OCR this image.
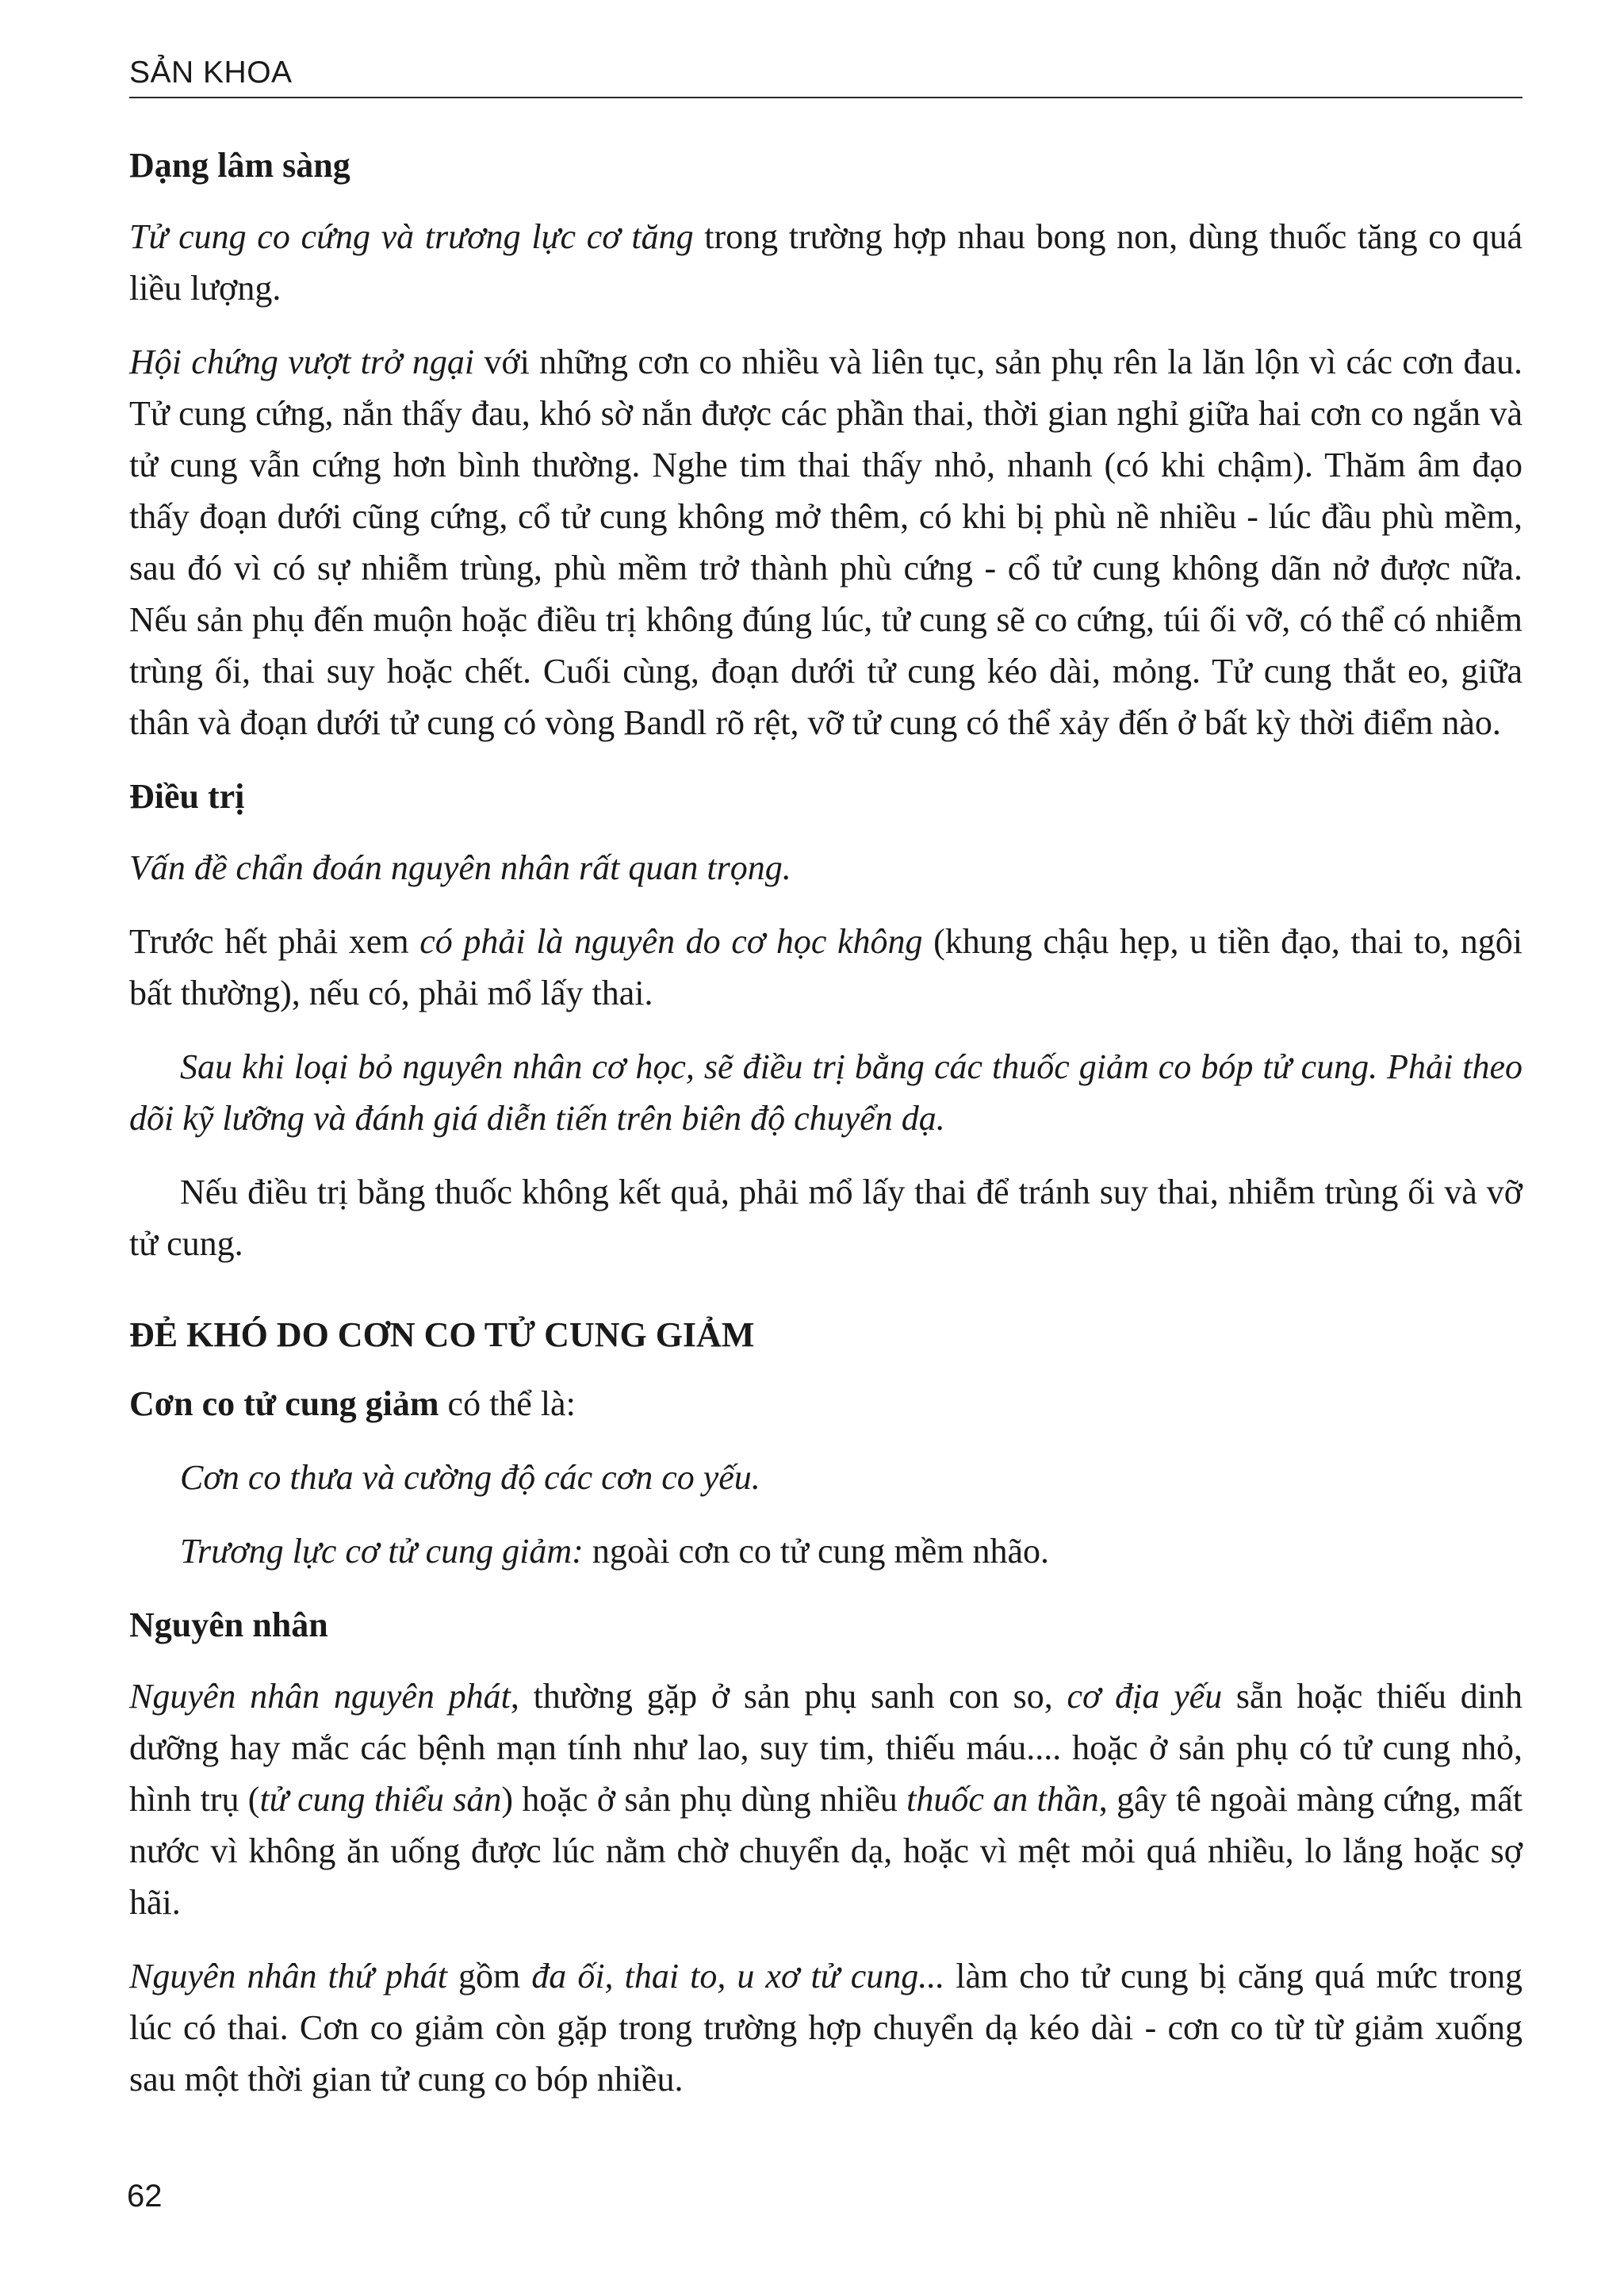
SẢN KHOA

Dạng lâm sàng

Tử cung co cứng và trương lực cơ tăng trong trường hợp nhau bong non, dùng thuốc tăng co quá liều lượng.

Hội chứng vượt trở ngại với những cơn co nhiều và liên tục, sản phụ rên la lăn lộn vì các cơn đau. Tử cung cứng, nắn thấy đau, khó sờ nắn được các phần thai, thời gian nghỉ giữa hai cơn co ngắn và tử cung vẫn cứng hơn bình thường. Nghe tim thai thấy nhỏ, nhanh (có khi chậm). Thăm âm đạo thấy đoạn dưới cũng cứng, cổ tử cung không mở thêm, có khi bị phù nề nhiều - lúc đầu phù mềm, sau đó vì có sự nhiễm trùng, phù mềm trở thành phù cứng - cổ tử cung không dãn nở được nữa. Nếu sản phụ đến muộn hoặc điều trị không đúng lúc, tử cung sẽ co cứng, túi ối vỡ, có thể có nhiễm trùng ối, thai suy hoặc chết. Cuối cùng, đoạn dưới tử cung kéo dài, mỏng. Tử cung thắt eo, giữa thân và đoạn dưới tử cung có vòng Bandl rõ rệt, vỡ tử cung có thể xảy đến ở bất kỳ thời điểm nào.

Điều trị

Vấn đề chẩn đoán nguyên nhân rất quan trọng.

Trước hết phải xem có phải là nguyên do cơ học không (khung chậu hẹp, u tiền đạo, thai to, ngôi bất thường), nếu có, phải mổ lấy thai.

Sau khi loại bỏ nguyên nhân cơ học, sẽ điều trị bằng các thuốc giảm co bóp tử cung. Phải theo dõi kỹ lưỡng và đánh giá diễn tiến trên biên độ chuyển dạ.

Nếu điều trị bằng thuốc không kết quả, phải mổ lấy thai để tránh suy thai, nhiễm trùng ối và vỡ tử cung.

ĐẺ KHÓ DO CƠN CO TỬ CUNG GIẢM

Cơn co tử cung giảm có thể là:

Cơn co thưa và cường độ các cơn co yếu.

Trương lực cơ tử cung giảm: ngoài cơn co tử cung mềm nhão.

Nguyên nhân

Nguyên nhân nguyên phát, thường gặp ở sản phụ sanh con so, cơ địa yếu sẵn hoặc thiếu dinh dưỡng hay mắc các bệnh mạn tính như lao, suy tim, thiếu máu.... hoặc ở sản phụ có tử cung nhỏ, hình trụ (tử cung thiểu sản) hoặc ở sản phụ dùng nhiều thuốc an thần, gây tê ngoài màng cứng, mất nước vì không ăn uống được lúc nằm chờ chuyển dạ, hoặc vì mệt mỏi quá nhiều, lo lắng hoặc sợ hãi.

Nguyên nhân thứ phát gồm đa ối, thai to, u xơ tử cung... làm cho tử cung bị căng quá mức trong lúc có thai. Cơn co giảm còn gặp trong trường hợp chuyển dạ kéo dài - cơn co từ từ giảm xuống sau một thời gian tử cung co bóp nhiều.

62
